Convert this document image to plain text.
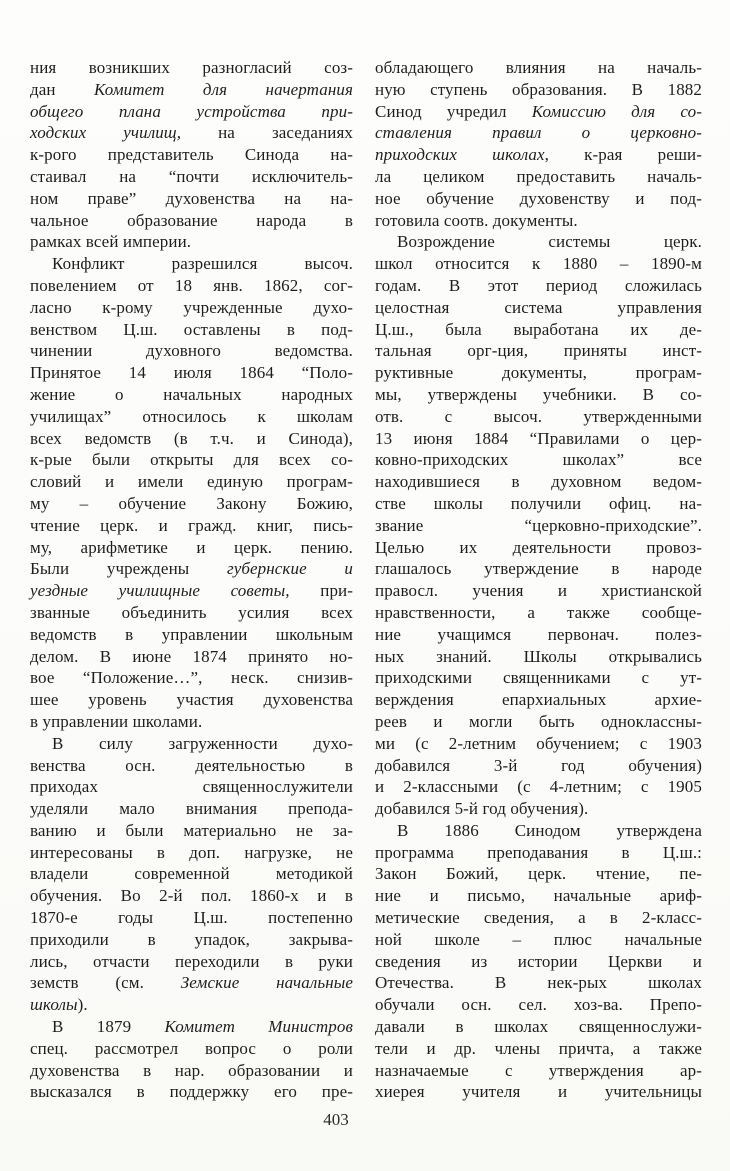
ния возникших разногласий соз-
дан Комитет для начертания
общего плана устройства при-
ходских училищ, на заседаниях
к-рого представитель Синода на-
стаивал на “почти исключитель-
ном праве” духовенства на на-
чальное образование народа в
рамках всей империи.
Конфликт разрешился высоч.
повелением от 18 янв. 1862, сог-
ласно к-рому учрежденные духо-
венством Ц.ш. оставлены в под-
чинении духовного ведомства.
Принятое 14 июля 1864 “Поло-
жение о начальных народных
училищах” относилось к школам
всех ведомств (в т.ч. и Синода),
к-рые были открыты для всех со-
словий и имели единую програм-
му – обучение Закону Божию,
чтение церк. и гражд. книг, пись-
му, арифметике и церк. пению.
Были учреждены губернские и
уездные училищные советы, при-
званные объединить усилия всех
ведомств в управлении школьным
делом. В июне 1874 принято но-
вое “Положение…”, неск. снизив-
шее уровень участия духовенства
в управлении школами.
В силу загруженности духо-
венства осн. деятельностью в
приходах священнослужители
уделяли мало внимания препода-
ванию и были материально не за-
интересованы в доп. нагрузке, не
владели современной методикой
обучения. Во 2-й пол. 1860-х и в
1870-е годы Ц.ш. постепенно
приходили в упадок, закрыва-
лись, отчасти переходили в руки
земств (см. Земские начальные
школы).
В 1879 Комитет Министров
спец. рассмотрел вопрос о роли
духовенства в нар. образовании и
высказался в поддержку его пре-
обладающего влияния на началь-
ную ступень образования. В 1882
Синод учредил Комиссию для со-
ставления правил о церковно-
приходских школах, к-рая реши-
ла целиком предоставить началь-
ное обучение духовенству и под-
готовила соотв. документы.
Возрождение системы церк.
школ относится к 1880 – 1890-м
годам. В этот период сложилась
целостная система управления
Ц.ш., была выработана их де-
тальная орг-ция, приняты инст-
руктивные документы, програм-
мы, утверждены учебники. В со-
отв. с высоч. утвержденными
13 июня 1884 “Правилами о цер-
ковно-приходских школах” все
находившиеся в духовном ведом-
стве школы получили офиц. на-
звание “церковно-приходские”.
Целью их деятельности провоз-
глашалось утверждение в народе
правосл. учения и христианской
нравственности, а также сообще-
ние учащимся первонач. полез-
ных знаний. Школы открывались
приходскими священниками с ут-
верждения епархиальных архие-
реев и могли быть одноклассны-
ми (с 2-летним обучением; с 1903
добавился 3-й год обучения)
и 2-классными (с 4-летним; с 1905
добавился 5-й год обучения).
В 1886 Синодом утверждена
программа преподавания в Ц.ш.:
Закон Божий, церк. чтение, пе-
ние и письмо, начальные ариф-
метические сведения, а в 2-класс-
ной школе – плюс начальные
сведения из истории Церкви и
Отечества. В нек-рых школах
обучали осн. сел. хоз-ва. Препо-
давали в школах священнослужи-
тели и др. члены причта, а также
назначаемые с утверждения ар-
хиерея учителя и учительницы
403
